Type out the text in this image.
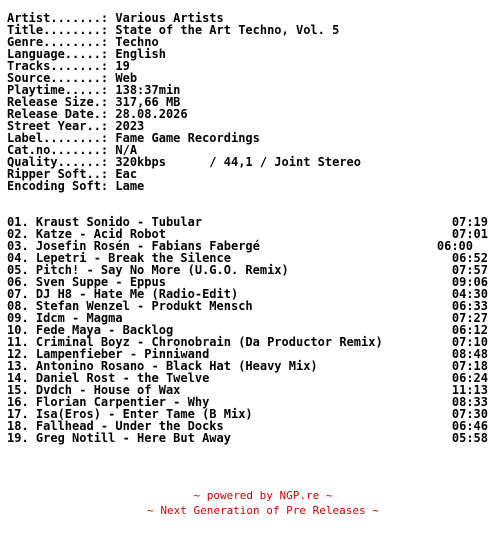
Artist.......: Various Artists
Title........: State of the Art Techno, Vol. 5
Genre........: Techno
Language.....: English
Tracks.......: 19
Source.......: Web
Playtime.....: 138:37min
Release Size.: 317,66 MB
Release Date.: 28.08.2026
Street Year..: 2023
Label........: Fame Game Recordings
Cat.no.......: N/A
Quality......: 320kbps      / 44,1 / Joint Stereo
Ripper Soft..: Eac
Encoding Soft: Lame
01. Kraust Sonido - Tubular	07:19
02. Katze - Acid Robot	07:01
03. Josefin Rosén - Fabians Fabergé	06:00
04. Lepetri - Break the Silence	06:52
05. Pitch! - Say No More (U.G.O. Remix)	07:57
06. Sven Suppe - Eppus	09:06
07. DJ H8 - Hate Me (Radio-Edit)	04:30
08. Stefan Wenzel - Produkt Mensch	06:33
09. Idcm - Magma	07:27
10. Fede Maya - Backlog	06:12
11. Criminal Boyz - Chronobrain (Da Productor Remix)	07:10
12. Lampenfieber - Pinniwand	08:48
13. Antonino Rosano - Black Hat (Heavy Mix)	07:18
14. Daniel Rost - the Twelve	06:24
15. Dvdch - House of Wax	11:13
16. Florian Carpentier - Why	08:33
17. Isa(Eros) - Enter Tame (B Mix)	07:30
18. Fallhead - Under the Docks	06:46
19. Greg Notill - Here But Away	05:58
~ powered by NGP.re ~
~ Next Generation of Pre Releases ~
